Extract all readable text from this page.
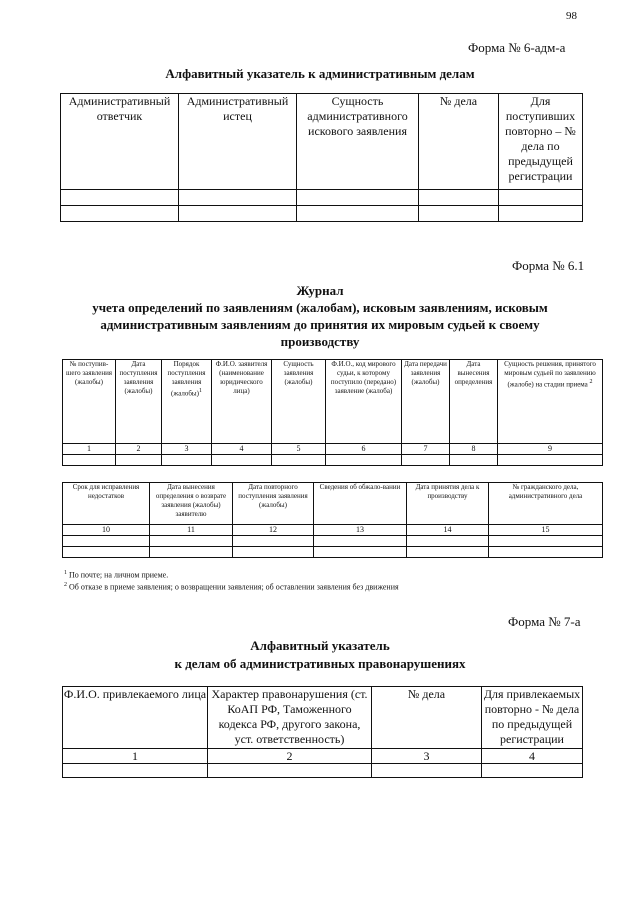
98
Форма № 6-адм-а
Алфавитный указатель к административным делам
Административный ответчик	Административный истец	Сущность административного искового заявления	№ дела	Для поступивших повторно – № дела по предыдущей регистрации

Форма № 6.1
Журнал
учета определений по заявлениям (жалобам), исковым заявлениям, исковым административным заявлениям до принятия их мировым судьей к своему производству
№ поступив-шего заявления (жалобы)	Дата поступления заявления (жалобы)	Порядок поступления заявления (жалобы)$^1$	Ф.И.О. заявителя (наименование юридического лица)	Сущность заявления (жалобы)	Ф.И.О., код мирового судьи, к которому поступило (передано) заявление (жалоба)	Дата передачи заявления (жалобы)	Дата вынесения определения	Сущность решения, принятого мировым судьей по заявлению (жалобе) на стадии приема $^2$
1	2	3	4	5	6	7	8	9

Срок для исправления недостатков	Дата вынесения определения о возврате заявления (жалобы) заявителю	Дата повторного поступления заявления (жалобы)	Сведения об обжало-вании	Дата принятия дела к производству	№ гражданского дела, административного дела
10	11	12	13	14	15

$^1$ По почте; на личном приеме.
$^2$ Об отказе в приеме заявления; о возвращении заявления; об оставлении заявления без движения
Форма № 7-а
Алфавитный указатель
к делам об административных правонарушениях
Ф.И.О. привлекаемого лица	Характер правонарушения (ст. КоАП РФ, Таможенного кодекса РФ, другого закона, уст. ответственность)	№ дела	Для привлекаемых повторно - № дела по предыдущей регистрации
1	2	3	4
